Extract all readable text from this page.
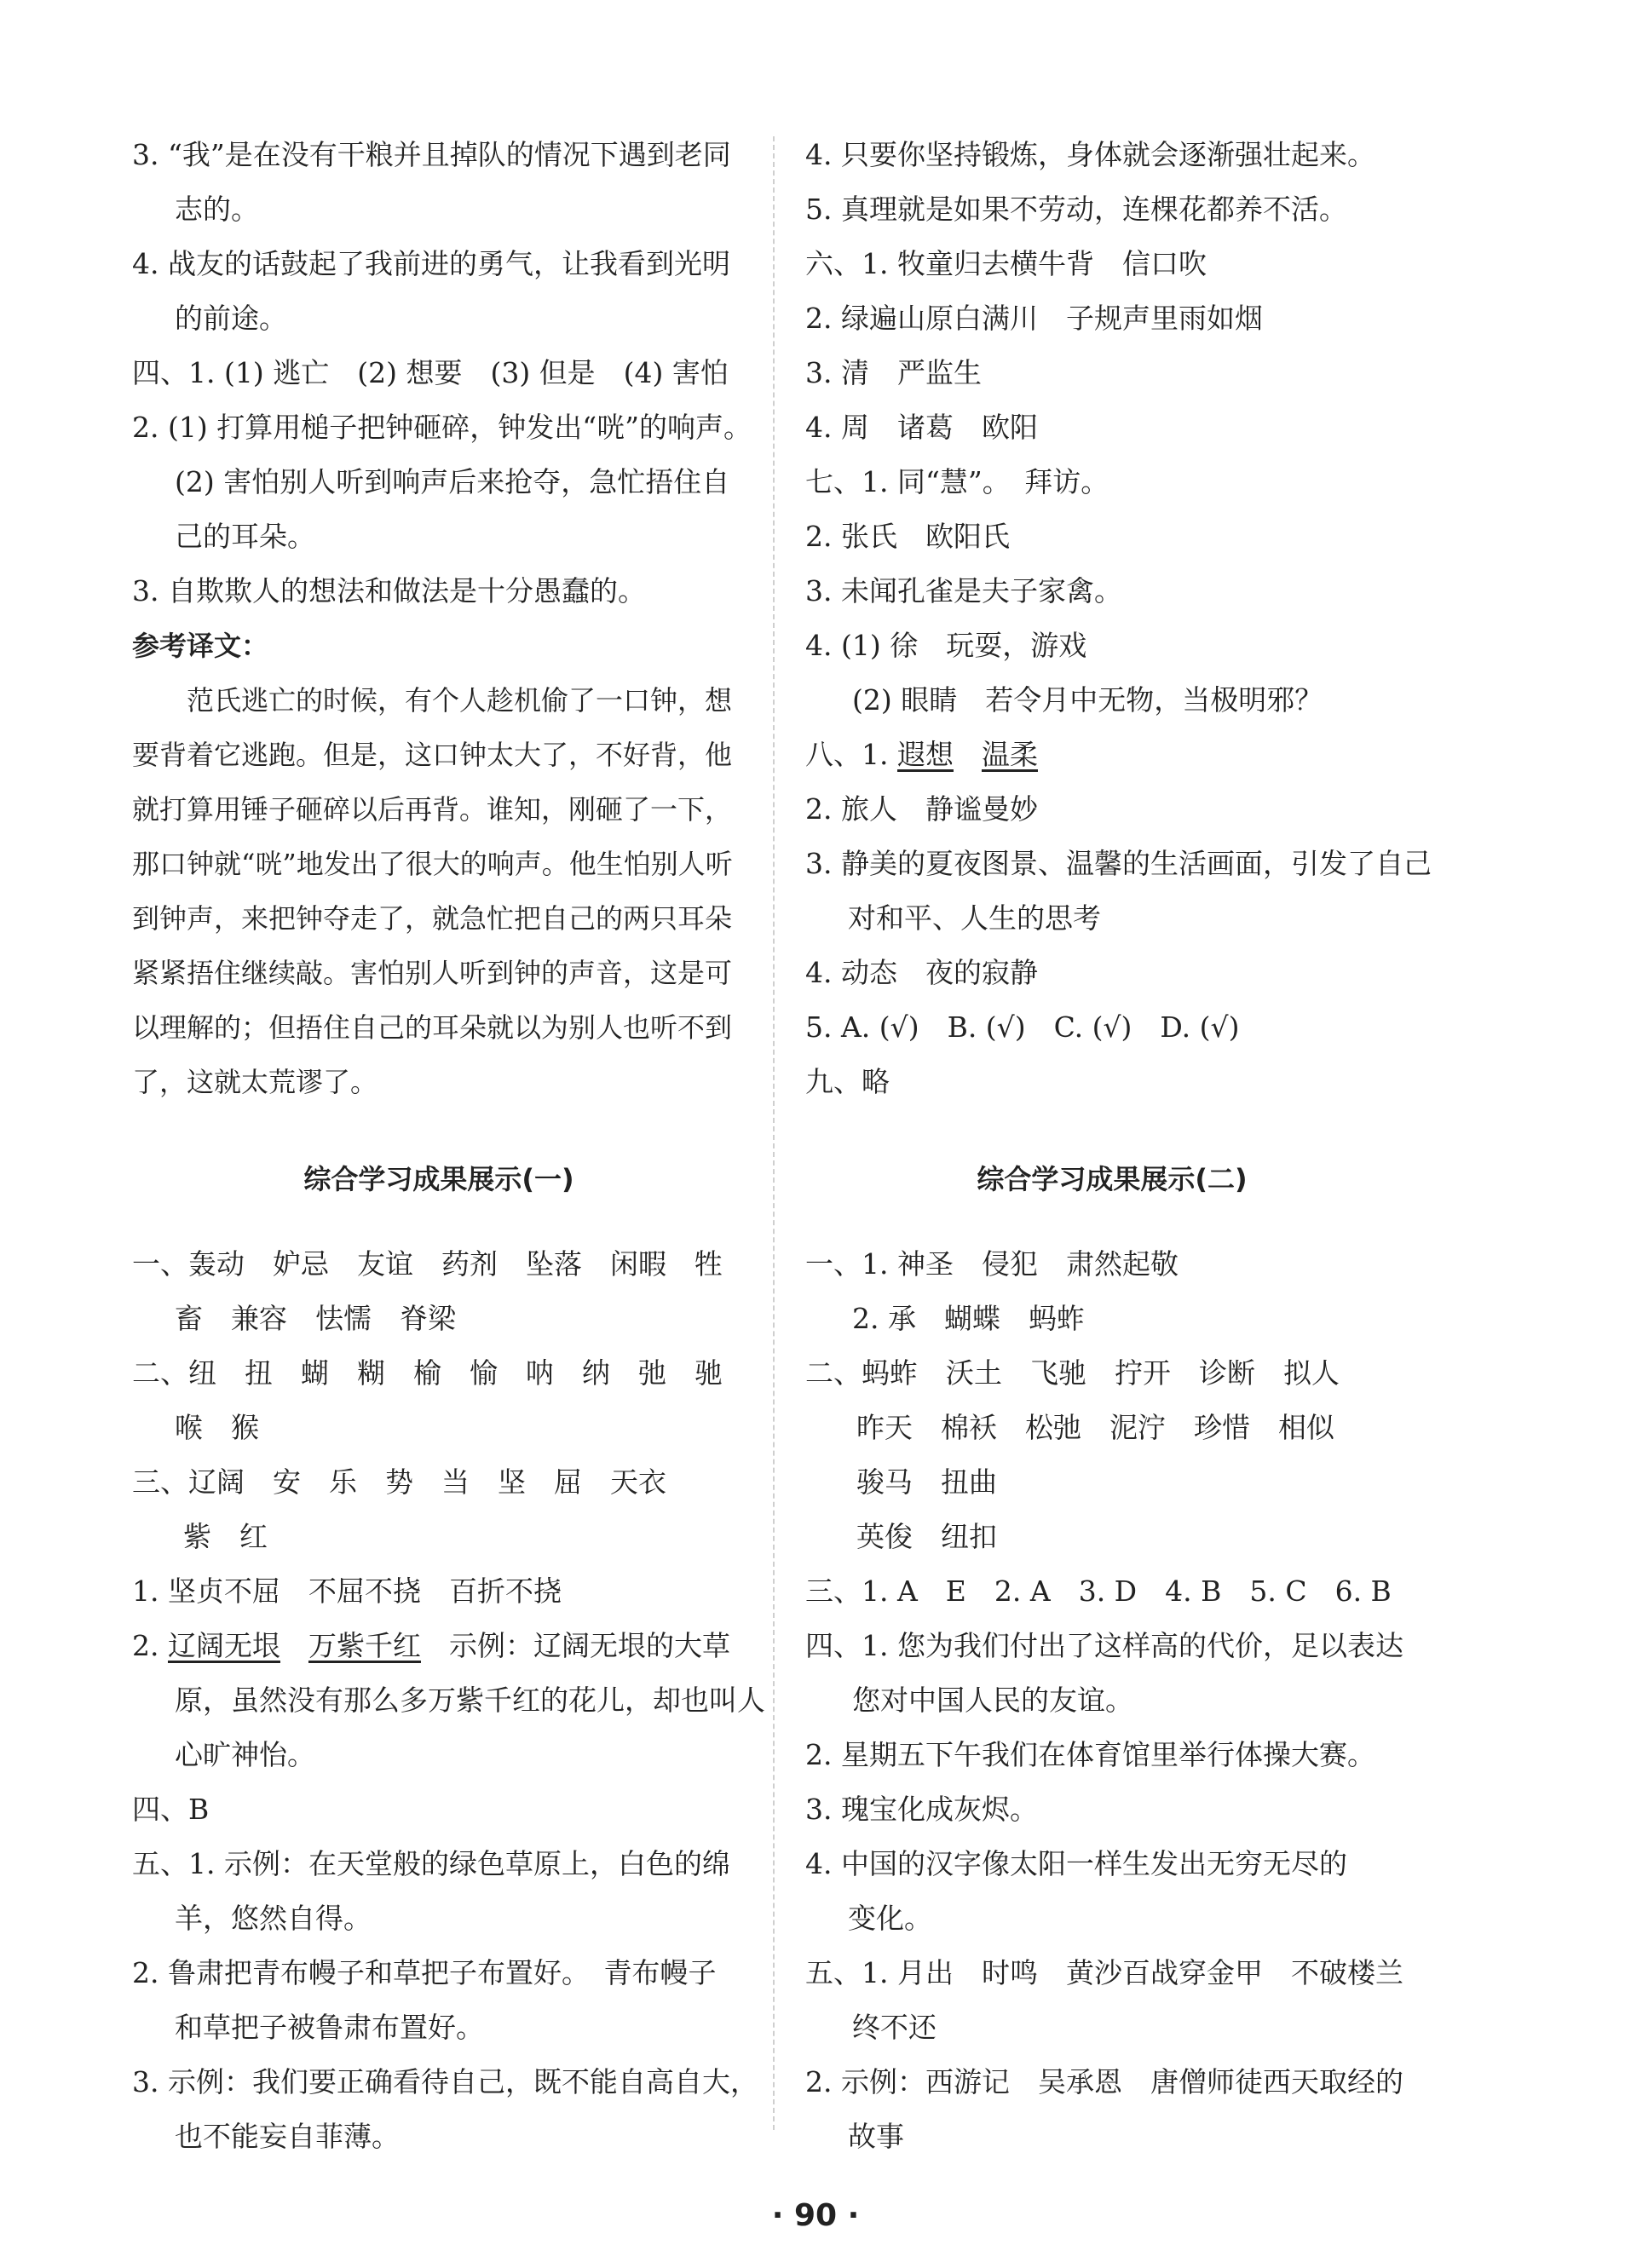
3. “我”是在没有干粮并且掉队的情况下遇到老同
志的。
4. 战友的话鼓起了我前进的勇气，让我看到光明
的前途。
四、1. (1) 逃亡　(2) 想要　(3) 但是　(4) 害怕
2. (1) 打算用槌子把钟砸碎，钟发出“咣”的响声。
(2) 害怕别人听到响声后来抢夺，急忙捂住自
己的耳朵。
3. 自欺欺人的想法和做法是十分愚蠢的。
参考译文：
范氏逃亡的时候，有个人趁机偷了一口钟，想要背着它逃跑。但是，这口钟太大了，不好背，他就打算用锤子砸碎以后再背。谁知，刚砸了一下，那口钟就“咣”地发出了很大的响声。他生怕别人听到钟声，来把钟夺走了，就急忙把自己的两只耳朵紧紧捂住继续敲。害怕别人听到钟的声音，这是可以理解的；但捂住自己的耳朵就以为别人也听不到了，这就太荒谬了。
综合学习成果展示(一)
一、轰动　妒忌　友谊　药剂　坠落　闲暇　牲
畜　兼容　怯懦　脊梁
二、纽　扭　蝴　糊　榆　愉　呐　纳　弛　驰
喉　猴
三、辽阔　安　乐　势　当　坚　屈　天衣
紫　红
1. 坚贞不屈　不屈不挠　百折不挠
2. 辽阔无垠　 万紫千红　示例：辽阔无垠的大草
原，虽然没有那么多万紫千红的花儿，却也叫人
心旷神怡。
四、B
五、1. 示例：在天堂般的绿色草原上，白色的绵
羊，悠然自得。
2. 鲁肃把青布幔子和草把子布置好。　青布幔子
和草把子被鲁肃布置好。
3. 示例：我们要正确看待自己，既不能自高自大，
也不能妄自菲薄。
4. 只要你坚持锻炼，身体就会逐渐强壮起来。
5. 真理就是如果不劳动，连棵花都养不活。
六、1. 牧童归去横牛背　信口吹
2. 绿遍山原白满川　子规声里雨如烟
3. 清　严监生
4. 周　诸葛　欧阳
七、1. 同“慧”。　拜访。
2. 张氏　欧阳氏
3. 未闻孔雀是夫子家禽。
4. (1) 徐　玩耍，游戏
(2) 眼睛　若令月中无物，当极明邪？
八、1. 遐想　 温柔
2. 旅人　静谧曼妙
3. 静美的夏夜图景、温馨的生活画面，引发了自己
对和平、人生的思考
4. 动态　夜的寂静
5. A. (√)　B. (√)　C. (√)　D. (√)
九、略
综合学习成果展示(二)
一、1. 神圣　侵犯　肃然起敬
2. 承　蝴蝶　蚂蚱
二、蚂蚱　沃土　飞驰　拧开　诊断　拟人
昨天　棉袄　松弛　泥泞　珍惜　相似
骏马　扭曲
英俊　纽扣
三、1. A　E　2. A　3. D　4. B　5. C　6. B
四、1. 您为我们付出了这样高的代价，足以表达
您对中国人民的友谊。
2. 星期五下午我们在体育馆里举行体操大赛。
3. 瑰宝化成灰烬。
4. 中国的汉字像太阳一样生发出无穷无尽的
变化。
五、1. 月出　时鸣　黄沙百战穿金甲　不破楼兰
终不还
2. 示例：西游记　吴承恩　唐僧师徒西天取经的
故事
· 90 ·
